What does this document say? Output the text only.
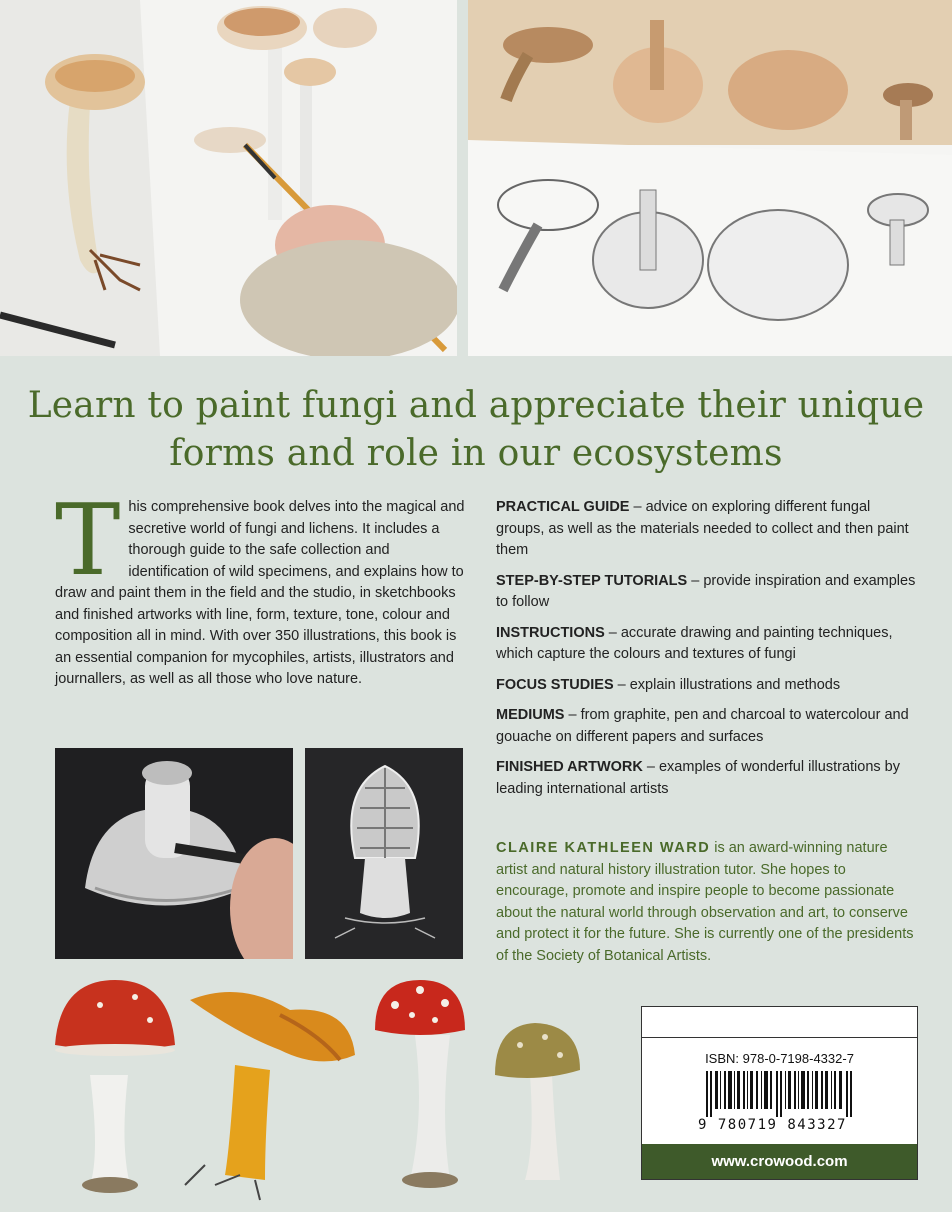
Learn to paint fungi and appreciate their unique
forms and role in our ecosystems
This comprehensive book delves into the magical and secretive world of fungi and lichens. It includes a thorough guide to the safe collection and identification of wild specimens, and explains how to draw and paint them in the field and the studio, in sketchbooks and finished artworks with line, form, texture, tone, colour and composition all in mind. With over 350 illustrations, this book is an essential companion for mycophiles, artists, illustrators and journallers, as well as all those who love nature.
PRACTICAL GUIDE – advice on exploring different fungal groups, as well as the materials needed to collect and then paint them
STEP-BY-STEP TUTORIALS – provide inspiration and examples to follow
INSTRUCTIONS – accurate drawing and painting techniques, which capture the colours and textures of fungi
FOCUS STUDIES – explain illustrations and methods
MEDIUMS – from graphite, pen and charcoal to watercolour and gouache on different papers and surfaces
FINISHED ARTWORK – examples of wonderful illustrations by leading international artists
CLAIRE KATHLEEN WARD is an award-winning nature artist and natural history illustration tutor. She hopes to encourage, promote and inspire people to become passionate about the natural world through observation and art, to conserve and protect it for the future. She is currently one of the presidents of the Society of Botanical Artists.
ISBN: 978-0-7198-4332-7
9 780719 843327
www.crowood.com
